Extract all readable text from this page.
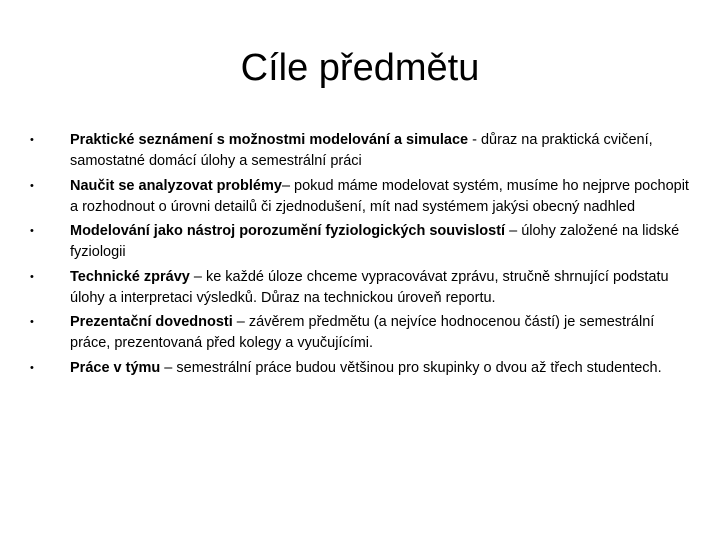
Cíle předmětu
•	Praktické seznámení s možnostmi modelování a simulace - důraz na praktická cvičení, samostatné domácí úlohy a semestrální práci
•	Naučit se analyzovat problémy– pokud máme modelovat systém, musíme ho nejprve pochopit a rozhodnout o úrovni detailů či zjednodušení, mít nad systémem jakýsi obecný nadhled
•	Modelování jako nástroj porozumění fyziologických souvislostí – úlohy založené na lidské fyziologii
•	Technické zprávy – ke každé úloze chceme vypracovávat zprávu, stručně shrnující podstatu úlohy a interpretaci výsledků. Důraz na technickou úroveň reportu.
•	Prezentační dovednosti – závěrem předmětu (a nejvíce hodnocenou částí) je semestrální práce, prezentovaná před kolegy a vyučujícími.
•	Práce v týmu – semestrální práce budou většinou pro skupinky o dvou až třech studentech.
